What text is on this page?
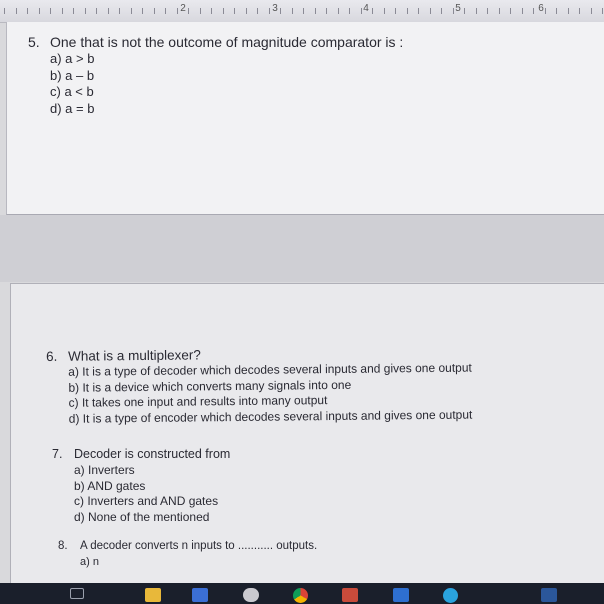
2	3	4	5	6
5. One that is not the outcome of magnitude comparator is :
a) a > b
b) a – b
c) a < b
d) a = b
6. What is a multiplexer?
a) It is a type of decoder which decodes several inputs and gives one output
b) It is a device which converts many signals into one
c) It takes one input and results into many output
d) It is a type of encoder which decodes several inputs and gives one output
7. Decoder is constructed from
a) Inverters
b) AND gates
c) Inverters and AND gates
d) None of the mentioned
8. A decoder converts n inputs to ........... outputs.
a) n
